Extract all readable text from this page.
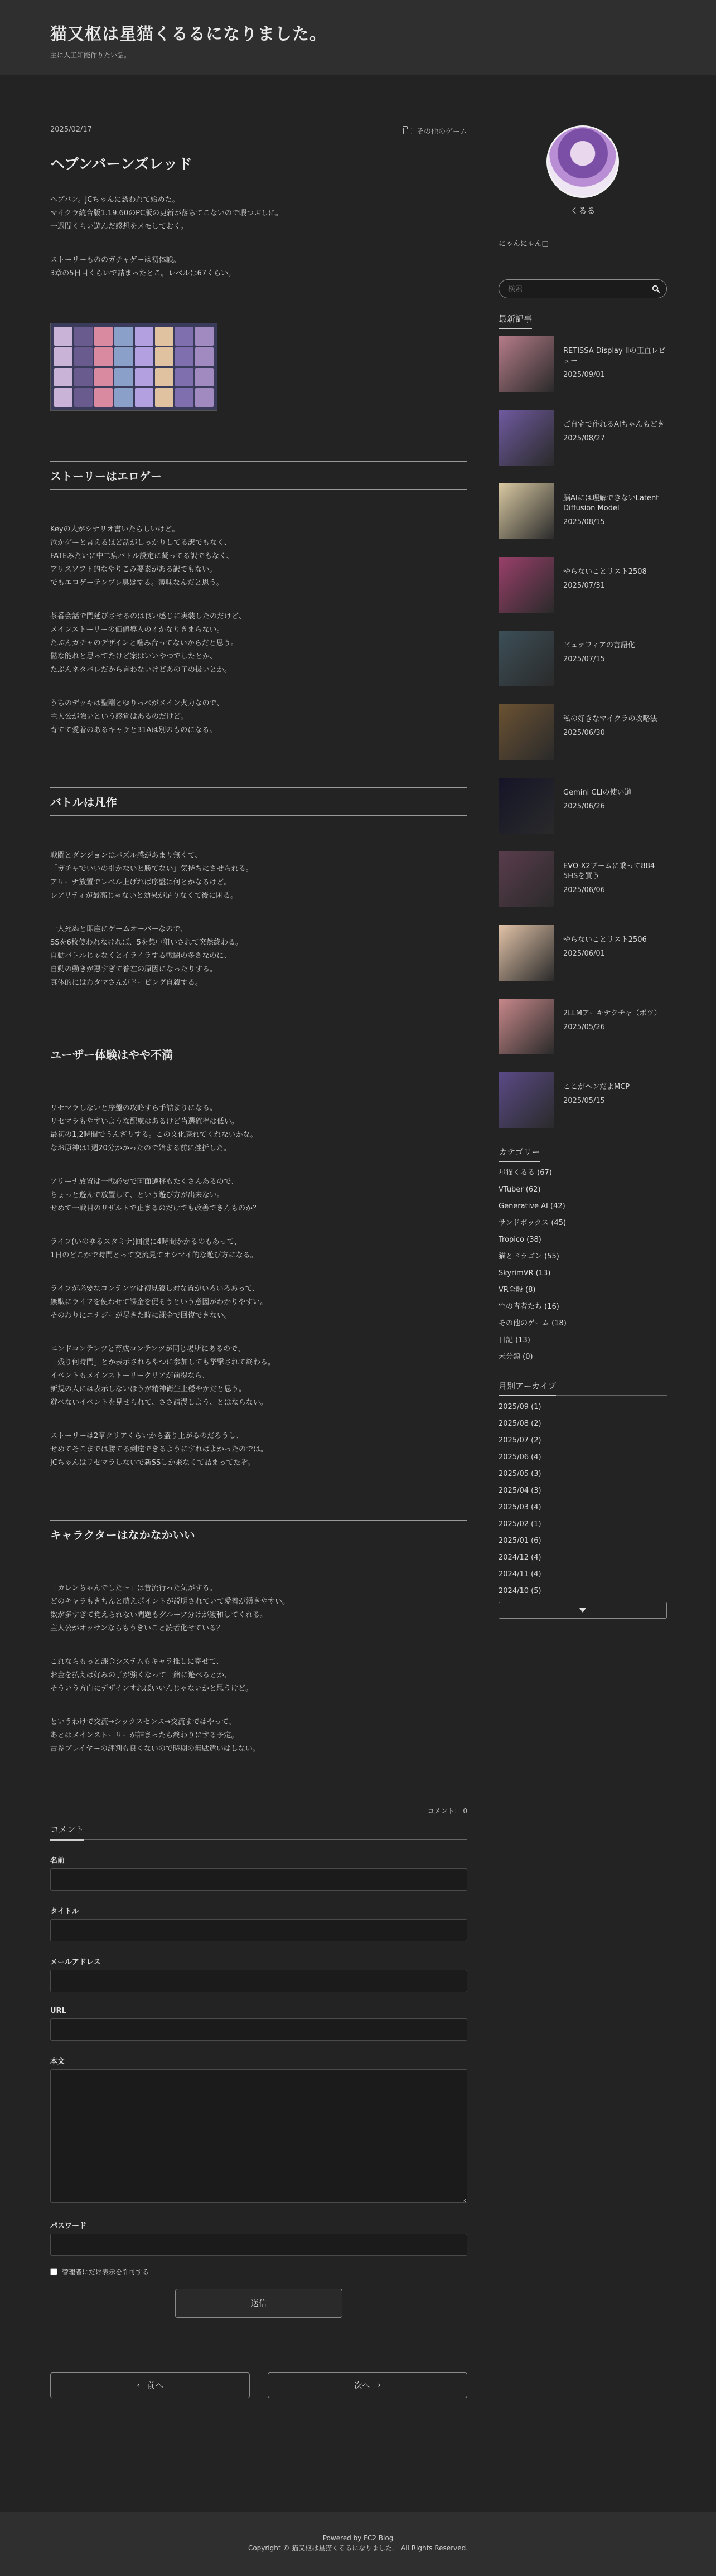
猫又枢は星猫くるるになりました。
主に人工知能作りたい話。
2025/02/17	その他のゲーム
ヘブンバーンズレッド

ヘブバン。JCちゃんに誘われて始めた。

マイクラ統合版1.19.60のPC版の更新が落ちてこないので暇つぶしに。

一週間くらい遊んだ感想をメモしておく。

ストーリーもののガチャゲーは初体験。

3章の5日目くらいで詰まったとこ。レベルは67くらい。

ストーリーはエロゲー

Keyの人がシナリオ書いたらしいけど。

泣かゲーと言えるほど話がしっかりしてる訳でもなく、

FATEみたいに中二病バトル設定に凝ってる訳でもなく、

アリスソフト的なやりこみ要素がある訳でもない。

でもエロゲーテンプレ臭はする。薄味なんだと思う。

茶番会話で間延びさせるのは良い感じに実装したのだけど、

メインストーリーの価値導入の才かなりきまらない。

たぶんガチャのデザインと噛み合ってないからだと思う。

儲な能れと思ってたけど案はいいやつでしたとか、

たぶんネタバレだから言わないけどあの子の扱いとか。

うちのデッキは聖剛とゆりっぺがメイン火力なので、

主人公が強いという感覚はあるのだけど。

育てて愛着のあるキャラと31Aは別のものになる。

バトルは凡作

戦闘とダンジョンはパズル感があまり無くて、

「ガチャでいいの引かないと勝てない」気持ちにさせられる。

アリーナ放置でレベル上げれば序盤は何とかなるけど。

レアリティが最高じゃないと効果が足りなくて後に困る。

一人死ぬと即座にゲームオーバーなので、

SSを6枚使われなければ、5を集中狙いされて突然終わる。

自動バトルじゃなくとイライラする戦闘の多さなのに、

自動の動きが悪すぎて普左の原因になったりする。

真体的にはわタマさんがドーピング自殺する。

ユーザー体験はやや不満

リセマラしないと序盤の攻略すら手詰まりになる。

リセマラもやすいような配慮はあるけど当選確率は低い。

最初の1,2時間でうんざりする。この文化廃れてくれないかな。

なお原神は1週20分かかったので始まる前に挫折した。

アリーナ放置は一戦必要で画面遷移もたくさんあるので、

ちょっと遊んで放置して、という遊び方が出来ない。

せめて一戦目のリザルトで止まるのだけでも改善できんものか？

ライフ(いのゆるスタミナ)回復に4時間かかるのもあって、

1日のどこかで時間とって交流見てオシマイ的な遊び方になる。

ライフが必要なコンテンツは初見殺し対な置がいろいろあって、

無駄にライフを使わせて課金を促そうという意図がわかりやすい。

そのわりにエナジーが尽きた時に課金で回復できない。

エンドコンテンツと育成コンテンツが同じ場所にあるので、

「残り何時間」とか表示されるやつに参加しても挙撃されて終わる。

イベントもメインストーリークリアが前提なら、

新規の人には表示しないほうが精神衛生上穏やかだと思う。

遊べないイベントを見せられて、ささ請漫しよう、とはならない。

ストーリーは2章クリアくらいから盛り上がるのだろうし、

せめてそこまでは勝てる到達できるようにすればよかったのでは。

JCちゃんはリセマラしないで新SSしか来なくて詰まってたぞ。

キャラクターはなかなかいい

「カレンちゃんでした～」は昔流行った気がする。

どのキャラもきちんと萌えポイントが説明されていて愛着が湧きやすい。

数が多すぎて覚えられない問題もグループ分けが緩和してくれる。

主人公がオッサンならもうきいこと読者化せている？

これならもっと課金システムもキャラ推しに寄せて、

お金を払えば好みの子が強くなって一緒に遊べるとか、

そういう方向にデザインすればいいんじゃないかと思うけど。

というわけで交流→シックスセンス→交流まではやって、

あとはメインストーリーが詰まったら終わりにする予定。

古参プレイヤーの評判も良くないので時期の無駄遣いはしない。

コメント： 0
コメント
名前
タイトル
メールアドレス
URL
本文
パスワード
管理者にだけ表示を許可する
送信
‹ 前へ	次へ ›
くるる
にゃんにゃん□
検索
最新記事
RETISSA Display IIの正直レビュー
2025/09/01
ご自宅で作れるAIちゃんもどき
2025/08/27
脳AIには理解できないLatent Diffusion Model
2025/08/15
やらないことリスト2508
2025/07/31
ビュァフィアの言語化
2025/07/15
私の好きなマイクラの攻略法
2025/06/30
Gemini CLIの使い道
2025/06/26
EVO-X2ブームに乗って884 5HSを買う
2025/06/06
やらないことリスト2506
2025/06/01
2LLMアーキテクチャ（ボツ）
2025/05/26
ここがヘンだよMCP
2025/05/15
カテゴリー
星猫くるる (67)
VTuber (62)
Generative AI (42)
サンドボックス (45)
Tropico (38)
猫とドラゴン (55)
SkyrimVR (13)
VR全般 (8)
空の青者たち (16)
その他のゲーム (18)
日記 (13)
未分類 (0)
月別アーカイブ
2025/09 (1)
2025/08 (2)
2025/07 (2)
2025/06 (4)
2025/05 (3)
2025/04 (3)
2025/03 (4)
2025/02 (1)
2025/01 (6)
2024/12 (4)
2024/11 (4)
2024/10 (5)
Powered by FC2 Blog
Copyright © 猫又枢は星猫くるるになりました。 All Rights Reserved.
